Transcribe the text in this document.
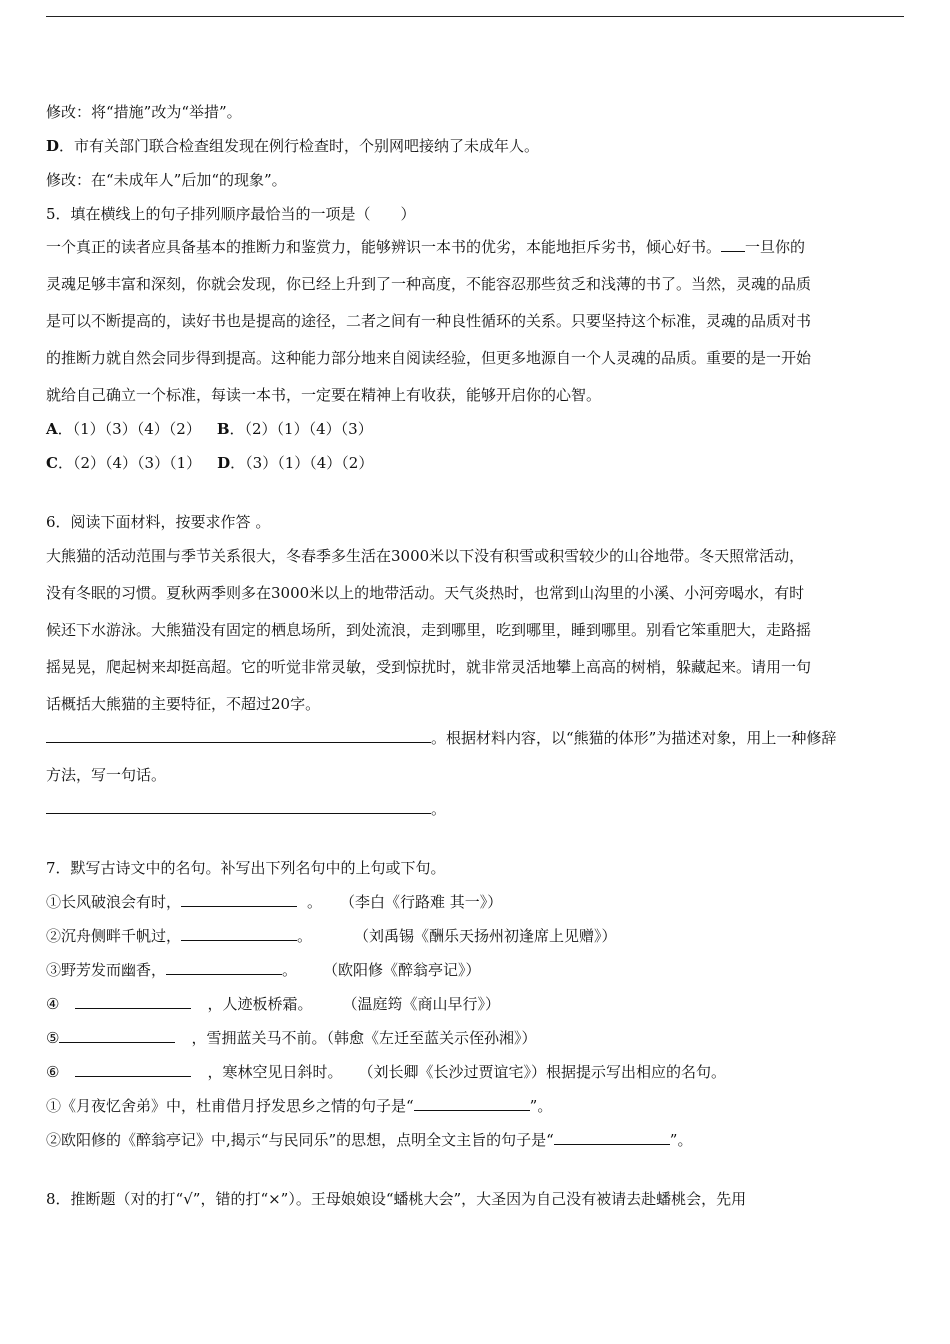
修改：将“措施”改为“举措”。
D．市有关部门联合检查组发现在例行检查时，个别网吧接纳了未成年人。
修改：在“未成年人”后加“的现象”。
5．填在横线上的句子排列顺序最恰当的一项是（　　）
一个真正的读者应具备基本的推断力和鉴赏力，能够辨识一本书的优劣，本能地拒斥劣书，倾心好书。 一旦你的
灵魂足够丰富和深刻，你就会发现，你已经上升到了一种高度，不能容忍那些贫乏和浅薄的书了。当然，灵魂的品质
是可以不断提高的，读好书也是提高的途径，二者之间有一种良性循环的关系。只要坚持这个标准，灵魂的品质对书
的推断力就自然会同步得到提高。这种能力部分地来自阅读经验，但更多地源自一个人灵魂的品质。重要的是一开始
就给自己确立一个标准，每读一本书，一定要在精神上有收获，能够开启你的心智。
A．（1）（3）（4）（2） B．（2）（1）（4）（3）
C．（2）（4）（3）（1） D．（3）（1）（4）（2）
6．阅读下面材料，按要求作答 。
大熊猫的活动范围与季节关系很大，冬春季多生活在3000米以下没有积雪或积雪较少的山谷地带。冬天照常活动，
没有冬眠的习惯。夏秋两季则多在3000米以上的地带活动。天气炎热时，也常到山沟里的小溪、小河旁喝水，有时
候还下水游泳。大熊猫没有固定的栖息场所，到处流浪，走到哪里，吃到哪里，睡到哪里。别看它笨重肥大，走路摇
摇晃晃，爬起树来却挺高超。它的听觉非常灵敏，受到惊扰时，就非常灵活地攀上高高的树梢，躲藏起来。请用一句
话概括大熊猫的主要特征，不超过20字。
。根据材料内容，以“熊猫的体形”为描述对象，用上一种修辞
方法，写一句话。
。
7．默写古诗文中的名句。补写出下列名句中的上句或下句。
①长风破浪会有时，	。 （李白《行路难 其一》）
②沉舟侧畔千帆过，	。	（刘禹锡《酬乐天扬州初逢席上见赠》）
③野芳发而幽香，	。 （欧阳修《醉翁亭记》）
④	，人迹板桥霜。 （温庭筠《商山早行》）
⑤	，雪拥蓝关马不前。（韩愈《左迁至蓝关示侄孙湘》）
⑥	，寒林空见日斜时。 （刘长卿《长沙过贾谊宅》）根据提示写出相应的名句。
①《月夜忆舍弟》中，杜甫借月抒发思乡之情的句子是“	”。
②欧阳修的《醉翁亭记》中,揭示“与民同乐”的思想，点明全文主旨的句子是“	”。
8．推断题（对的打“√”，错的打“×”）。王母娘娘设“蟠桃大会”，大圣因为自己没有被请去赴蟠桃会，先用
